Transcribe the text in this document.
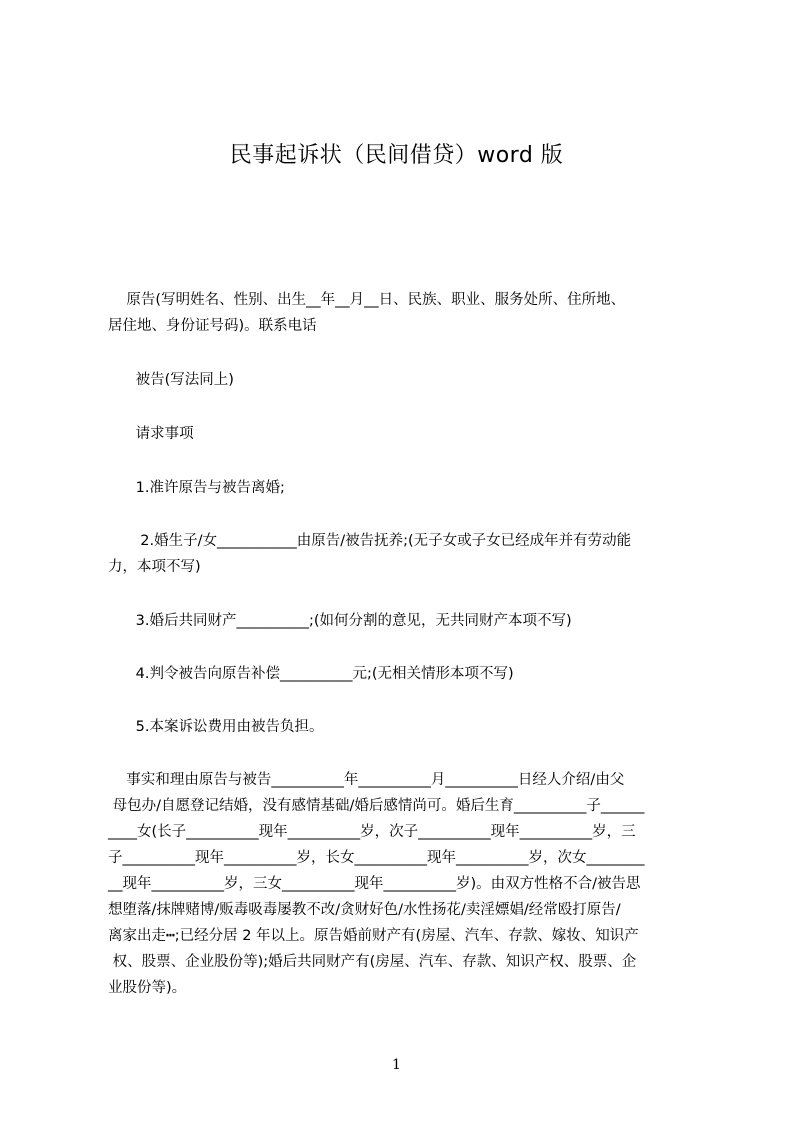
民事起诉状（民间借贷）word 版
原告(写明姓名、性别、出生__年__月__日、民族、职业、服务处所、住所地、
居住地、身份证号码)。联系电话
被告(写法同上)
请求事项
1.准许原告与被告离婚;
2.婚生子/女___________由原告/被告抚养;(无子女或子女已经成年并有劳动能
力，本项不写)
3.婚后共同财产__________;(如何分割的意见，无共同财产本项不写)
4.判令被告向原告补偿__________元;(无相关情形本项不写)
5.本案诉讼费用由被告负担。
事实和理由原告与被告__________年__________月__________日经人介绍/由父
母包办/自愿登记结婚，没有感情基础/婚后感情尚可。婚后生育__________子______
____女(长子__________现年__________岁，次子__________现年__________岁，三
子__________现年__________岁，长女__________现年__________岁，次女________
__现年__________岁，三女__________现年__________岁)。由双方性格不合/被告思
想堕落/抹牌赌博/贩毒吸毒屡教不改/贪财好色/水性扬花/卖淫嫖娼/经常殴打原告/
离家出走┅;已经分居 2 年以上。原告婚前财产有(房屋、汽车、存款、嫁妆、知识产
权、股票、企业股份等);婚后共同财产有(房屋、汽车、存款、知识产权、股票、企
业股份等)。
1
